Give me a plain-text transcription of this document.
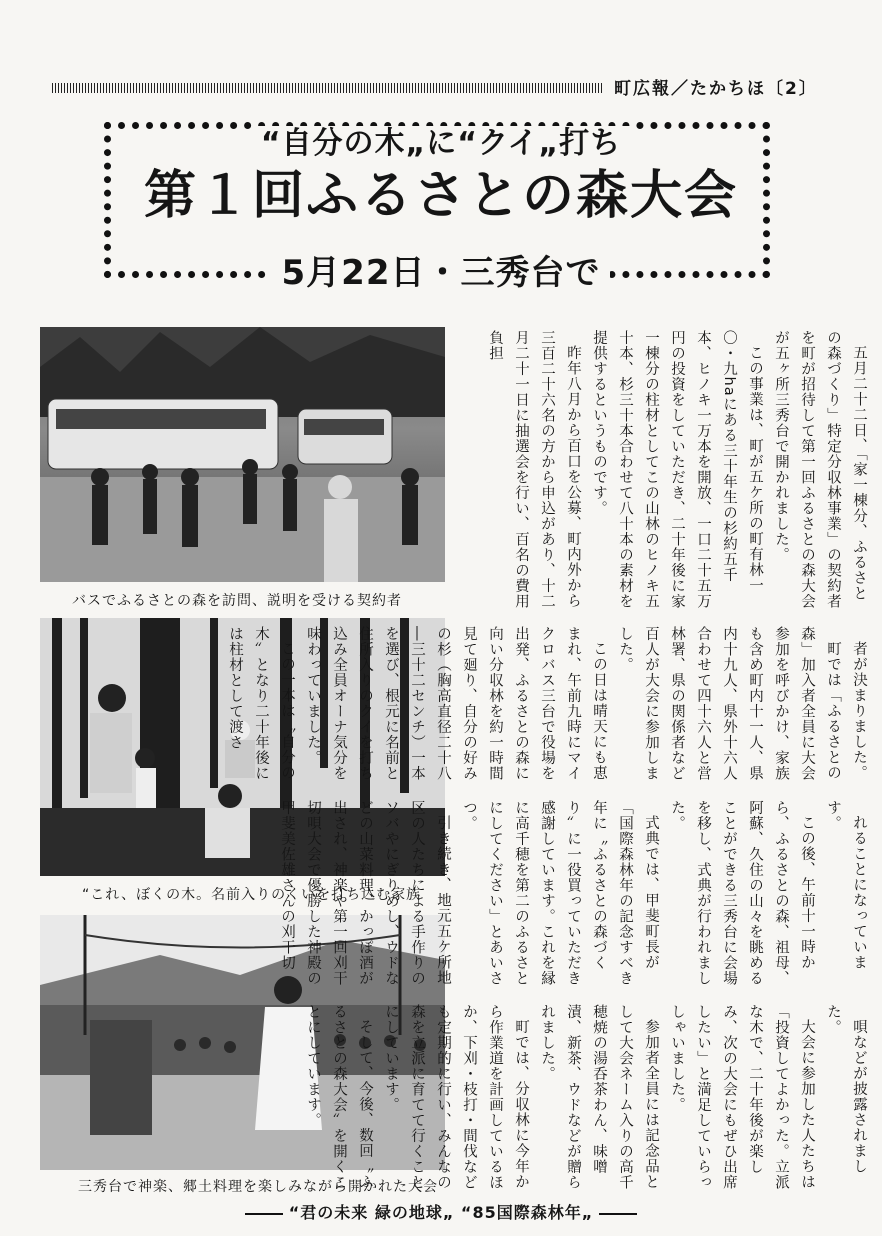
町広報／たかちほ〔2〕
“自分の木„に“クイ„打ち
第１回ふるさとの森大会
5月22日・三秀台で
バスでふるさとの森を訪問、説明を受ける契約者
“これ、ぼくの木。名前入りのくいを打ち込む家族
三秀台で神楽、郷土料理を楽しみながら開かれた大会

五月二十二日、「家一棟分、ふるさとの森づくり」特定分収林事業」の契約者を町が招待して第一回ふるさとの森大会が五ヶ所三秀台で開かれました。

この事業は、町が五ケ所の町有林一〇・九haにある三十年生の杉約五千本、ヒノキ一万本を開放、一口二十五万円の投資をしていただき、二十年後に家一棟分の柱材としてこの山林のヒノキ五十本、杉三十本合わせて八十本の素材を提供するというものです。

昨年八月から百口を公募、町内外から三百二十六名の方から申込があり、十二月二十一日に抽選会を行い、百名の費用負担

者が決まりました。

町では「ふるさとの森」加入者全員に大会参加を呼びかけ、家族も含め町内十一人、県内十九人、県外十六人合わせて四十六人と営林署、県の関係者など百人が大会に参加しました。

この日は晴天にも恵まれ、午前九時にマイクロバス三台で役場を出発、ふるさとの森に向い分収林を約一時間見て廻り、自分の好みの杉（胸高直径二十八―三十二センチ）一本を選び、根元に名前と住所入りのクイを打ち込み全員オーナ気分を味わっていました。

この一本は〝自分の木〟となり二十年後には柱材として渡さ

れることになっています。

この後、午前十一時から、ふるさとの森、祖母、阿蘇、久住の山々を眺めることができる三秀台に会場を移し、式典が行われました。

式典では、甲斐町長が「国際森林年の記念すべき年に〝ふるさとの森づくり〟に一役買っていただき感謝しています。これを縁に高千穂を第二のふるさとにしてください」とあいさつ。

引き続き、地元五ケ所地区の人たちによる手作りのソバやにぎりめし、ウドなどの山菜料理、かっぽ酒が出され、神楽や第一回刈干切唄大会で優勝した神殿の甲斐美佐雄さんの刈干切

唄などが披露されました。

大会に参加した人たちは「投資してよかった。立派な木で、二十年後が楽しみ、次の大会にもぜひ出席したい」と満足していらっしゃいました。

参加者全員には記念品として大会ネーム入りの高千穂焼の湯呑茶わん、味噌漬、新茶、ウドなどが贈られました。

町では、分収林に今年から作業道を計画しているほか、下刈・枝打・間伐なども定期的に行い、みんなの森を立派に育てて行くことにしています。

そして、今後、数回〝ふるさとの森大会〟を開くことにしています。

“君の未来 緑の地球„ “85国際森林年„
